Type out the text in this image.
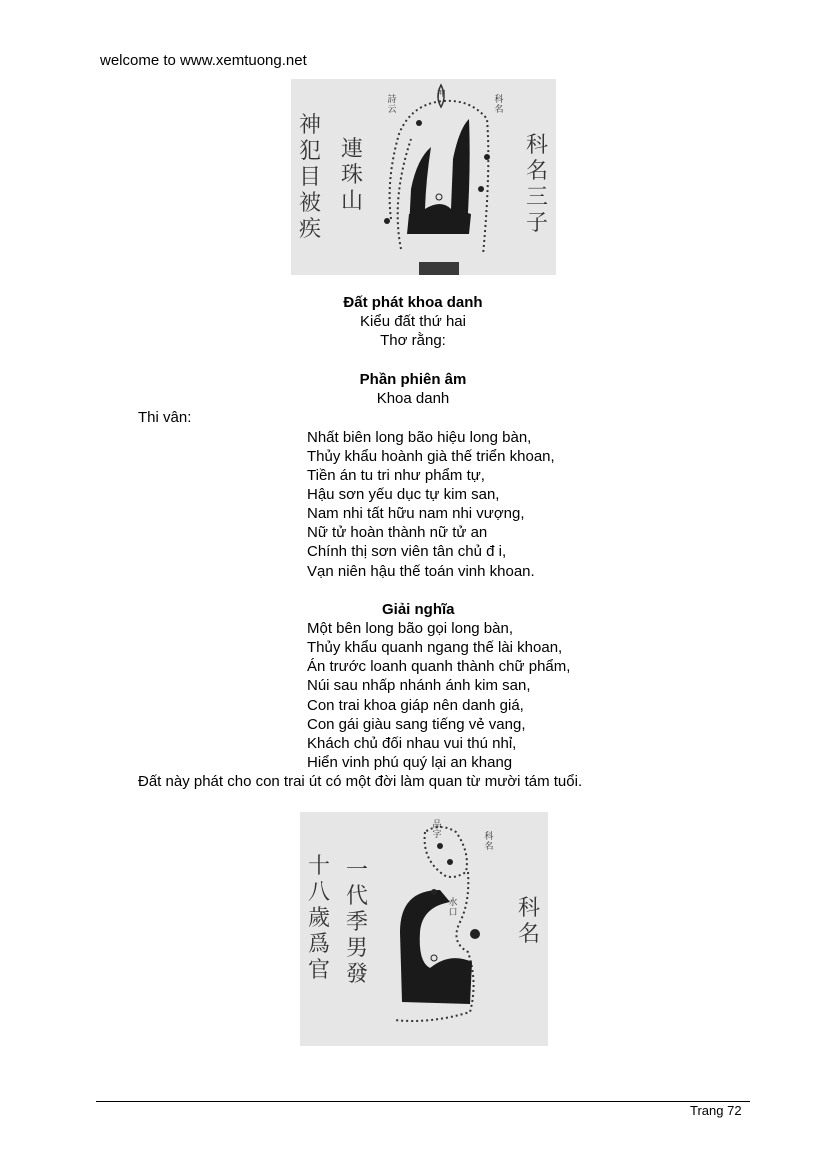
welcome to www.xemtuong.net
神
犯
目
被
疾
連
珠
山
科
名
三
子
詩
云
科
名
神
Đất phát khoa danh
Kiểu đất thứ hai
Thơ rằng:
Phần phiên âm
Khoa danh
Thi vân:
Nhất biên long bão hiệu long bàn,
Thủy khẩu hoành già thế triển khoan,
Tiền án tu tri như phẩm tự,
Hậu sơn yếu dục tự kim san,
Nam nhi tất hữu nam nhi vượng,
Nữ tử hoàn thành nữ tử an
Chính thị sơn viên tân chủ đ i,
Vạn niên hậu thế toán vinh khoan.
Giải nghĩa
Một bên long bão gọi long bàn,
Thủy khẩu quanh ngang thế lài khoan,
Án trước loanh quanh thành chữ phẩm,
Núi sau nhấp nhánh ánh kim san,
Con trai khoa giáp nên danh giá,
Con gái giàu sang tiếng vẻ vang,
Khách chủ đối nhau vui thú nhỉ,
Hiển vinh phú quý lại an khang
Đất này phát cho con trai út có một đời làm quan từ mười tám tuổi.
十
八
歲
爲
官
一
代
季
男
發
科
名
品
字	科
名
水
口
Trang 72
